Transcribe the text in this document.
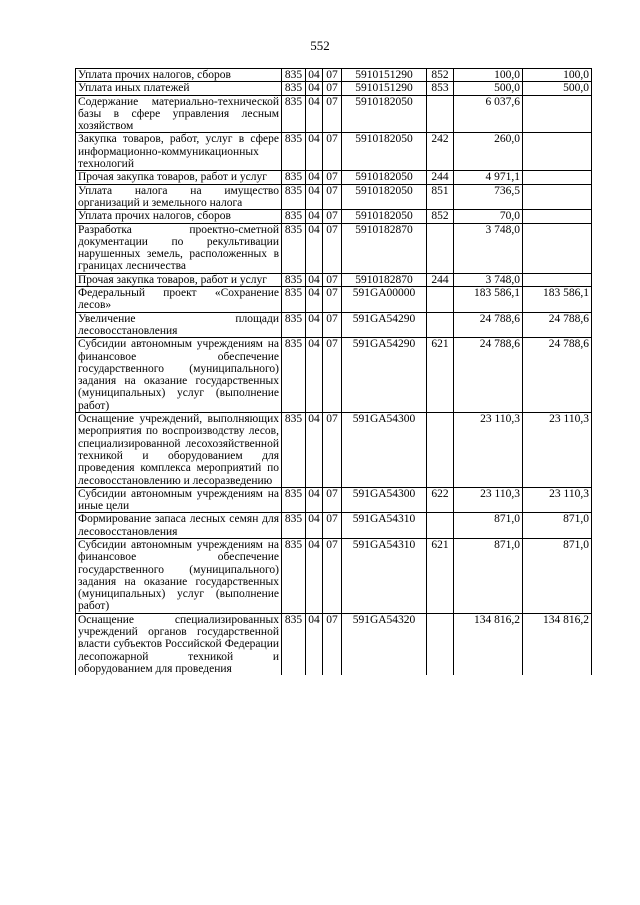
552
Уплата прочих налогов, сборов	835	04	07	5910151290	852	100,0	100,0
Уплата иных платежей	835	04	07	5910151290	853	500,0	500,0
Содержание материально-технической базы в сфере управления лесным хозяйством	835	04	07	5910182050		6 037,6	
Закупка товаров, работ, услуг в сфере информационно-коммуникационных технологий	835	04	07	5910182050	242	260,0	
Прочая закупка товаров, работ и услуг	835	04	07	5910182050	244	4 971,1	
Уплата налога на имущество организаций и земельного налога	835	04	07	5910182050	851	736,5	
Уплата прочих налогов, сборов	835	04	07	5910182050	852	70,0	
Разработка проектно-сметной документации по рекультивации нарушенных земель, расположенных в границах лесничества	835	04	07	5910182870		3 748,0	
Прочая закупка товаров, работ и услуг	835	04	07	5910182870	244	3 748,0	
Федеральный проект «Сохранение лесов»	835	04	07	591GA00000		183 586,1	183 586,1
Увеличение площади лесовосстановления	835	04	07	591GA54290		24 788,6	24 788,6
Субсидии автономным учреждениям на финансовое обеспечение государственного (муниципального) задания на оказание государственных (муниципальных) услуг (выполнение работ)	835	04	07	591GA54290	621	24 788,6	24 788,6
Оснащение учреждений, выполняющих мероприятия по воспроизводству лесов, специализированной лесохозяйственной техникой и оборудованием для проведения комплекса мероприятий по лесовосстановлению и лесоразведению	835	04	07	591GA54300		23 110,3	23 110,3
Субсидии автономным учреждениям на иные цели	835	04	07	591GA54300	622	23 110,3	23 110,3
Формирование запаса лесных семян для лесовосстановления	835	04	07	591GA54310		871,0	871,0
Субсидии автономным учреждениям на финансовое обеспечение государственного (муниципального) задания на оказание государственных (муниципальных) услуг (выполнение работ)	835	04	07	591GA54310	621	871,0	871,0
Оснащение специализированных учреждений органов государственной власти субъектов Российской Федерации лесопожарной техникой и оборудованием для проведения	835	04	07	591GA54320		134 816,2	134 816,2
